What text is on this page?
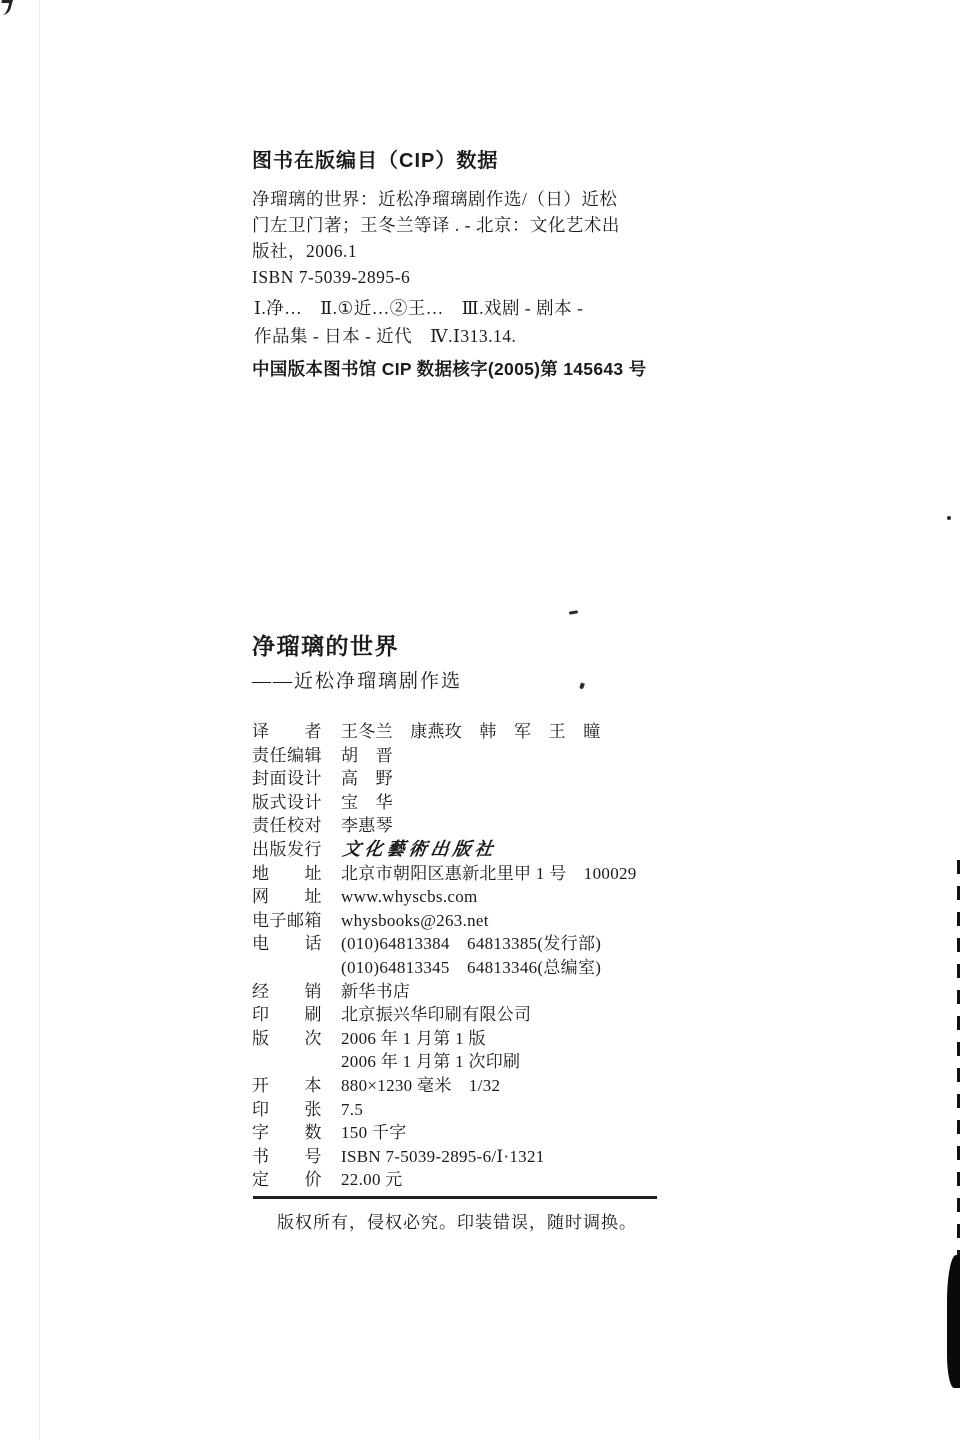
图书在版编目（CIP）数据
净瑠璃的世界：近松净瑠璃剧作选/（日）近松
门左卫门著；王冬兰等译 . - 北京：文化艺术出
版社，2006.1
ISBN 7-5039-2895-6
Ⅰ.净…　Ⅱ.①近…②王…　Ⅲ.戏剧 - 剧本 -
作品集 - 日本 - 近代　Ⅳ.Ⅰ313.14.
中国版本图书馆 CIP 数据核字(2005)第 145643 号
净瑠璃的世界
——近松净瑠璃剧作选
译　　者 王冬兰　康燕玫　韩　军　王　瞳
责任编辑 胡　晋
封面设计 高　野
版式设计 宝　华
责任校对 李惠琴
出版发行 文化藝術出版社
地　　址 北京市朝阳区惠新北里甲 1 号　100029
网　　址 www.whyscbs.com
电子邮箱 whysbooks@263.net
电　　话 (010)64813384　64813385(发行部)
(010)64813345　64813346(总编室)
经　　销 新华书店
印　　刷 北京振兴华印刷有限公司
版　　次 2006 年 1 月第 1 版
2006 年 1 月第 1 次印刷
开　　本 880×1230 毫米　1/32
印　　张 7.5
字　　数 150 千字
书　　号 ISBN 7-5039-2895-6/Ⅰ·1321
定　　价 22.00 元
版权所有，侵权必究。印装错误，随时调换。
